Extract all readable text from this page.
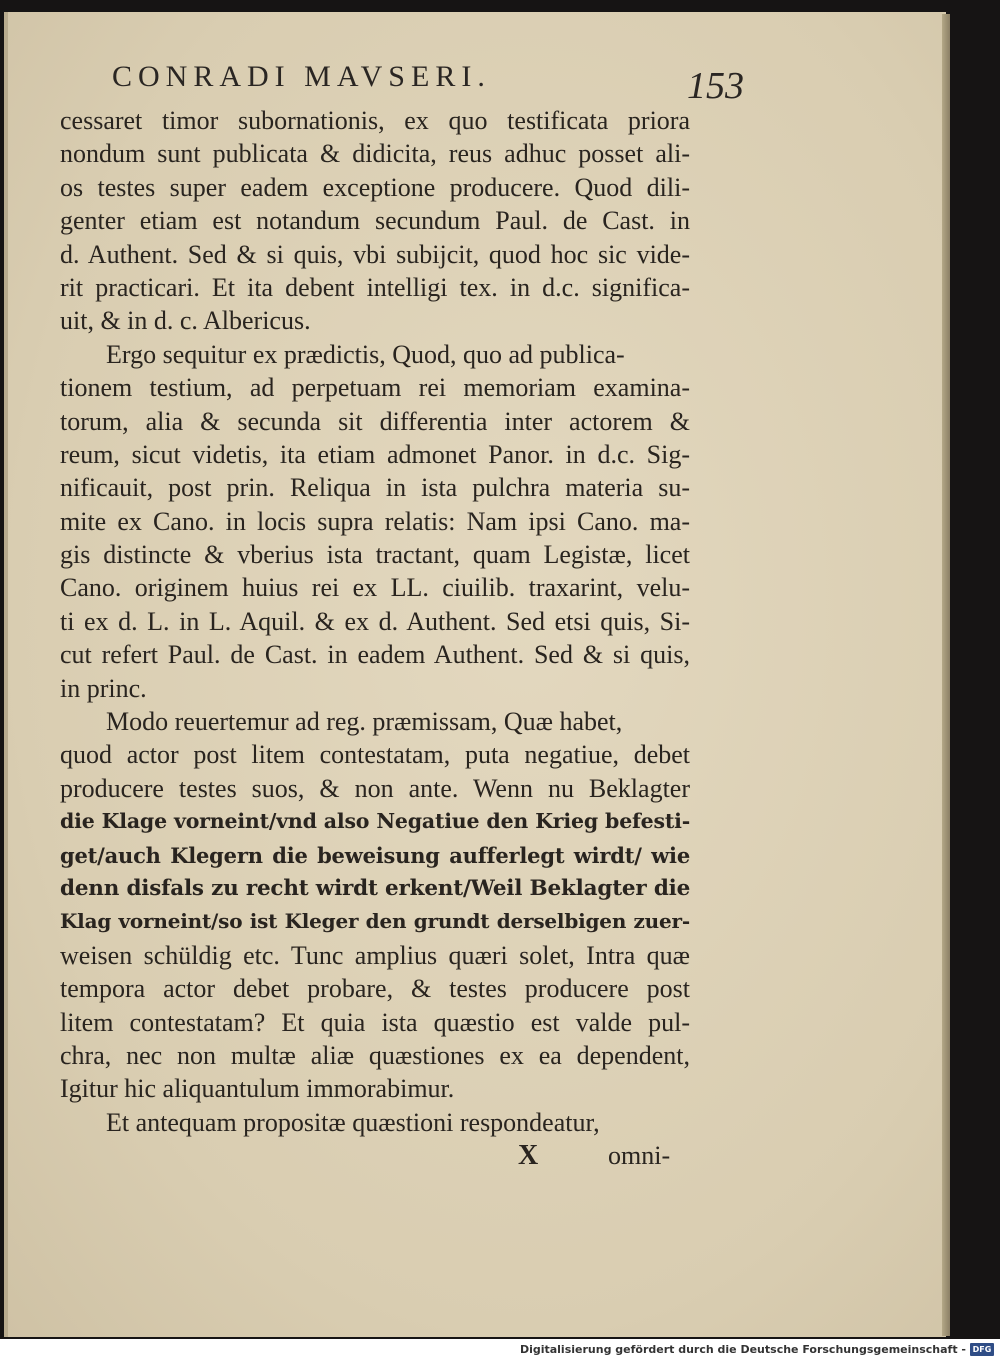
CONRADI MAVSERI.	153
cessaret timor subornationis, ex quo testificata priora
nondum sunt publicata & didicita, reus adhuc posset ali-
os testes super eadem exceptione producere. Quod dili-
genter etiam est notandum secundum Paul. de Cast. in
d. Authent. Sed & si quis, vbi subijcit, quod hoc sic vide-
rit practicari. Et ita debent intelligi tex. in d.c. significa-
uit, & in d. c. Albericus.
Ergo sequitur ex prædictis, Quod, quo ad publica-
tionem testium, ad perpetuam rei memoriam examina-
torum, alia & secunda sit differentia inter actorem &
reum, sicut videtis, ita etiam admonet Panor. in d.c. Sig-
nificauit, post prin. Reliqua in ista pulchra materia su-
mite ex Cano. in locis supra relatis: Nam ipsi Cano. ma-
gis distincte & vberius ista tractant, quam Legistæ, licet
Cano. originem huius rei ex LL. ciuilib. traxarint, velu-
ti ex d. L. in L. Aquil. & ex d. Authent. Sed etsi quis, Si-
cut refert Paul. de Cast. in eadem Authent. Sed & si quis,
in princ.
Modo reuertemur ad reg. præmissam, Quæ habet,
quod actor post litem contestatam, puta negatiue, debet
producere testes suos, & non ante. Wenn nu Beklagter
die Klage vorneint/vnd also Negatiue den Krieg befesti-
get/auch Klegern die beweisung aufferlegt wirdt/ wie
denn disfals zu recht wirdt erkent/Weil Beklagter die
Klag vorneint/so ist Kleger den grundt derselbigen zuer-
weisen schüldig etc. Tunc amplius quæri solet, Intra quæ
tempora actor debet probare, & testes producere post
litem contestatam? Et quia ista quæstio est valde pul-
chra, nec non multæ aliæ quæstiones ex ea dependent,
Igitur hic aliquantulum immorabimur.
Et antequam propositæ quæstioni respondeatur,
X	omni-
Digitalisierung gefördert durch die Deutsche Forschungsgemeinschaft - DFG
